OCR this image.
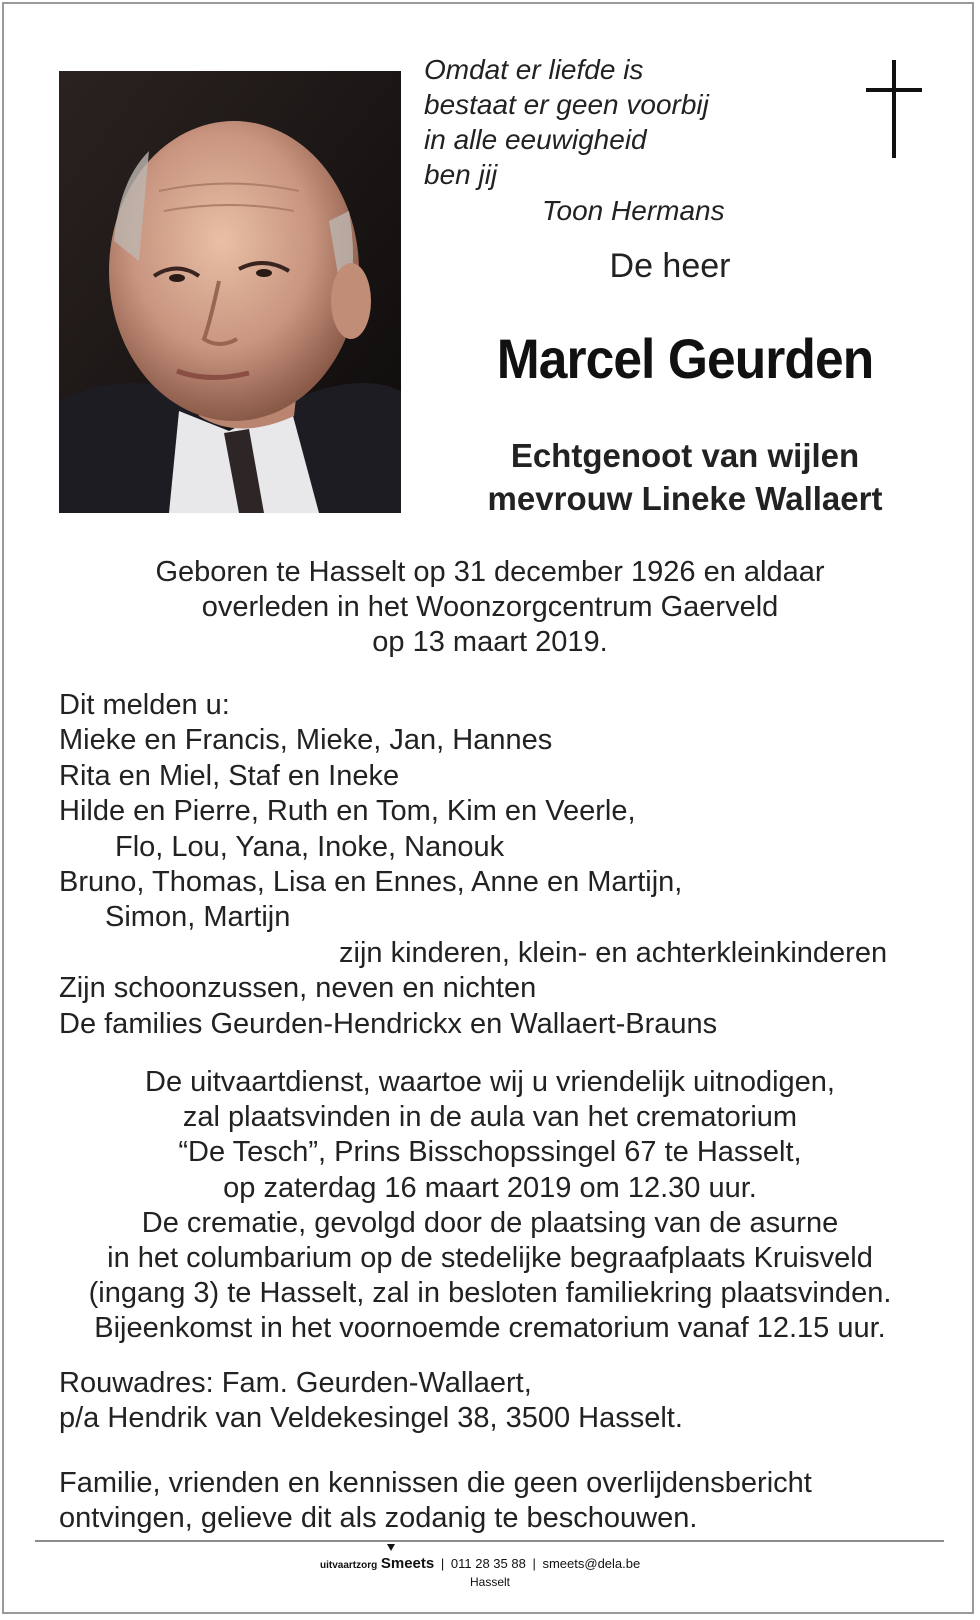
Omdat er liefde is
bestaat er geen voorbij
in alle eeuwigheid
ben jij
Toon Hermans
De heer
Marcel Geurden
Echtgenoot van wijlen
mevrouw Lineke Wallaert
Geboren te Hasselt op 31 december 1926 en aldaar
overleden in het Woonzorgcentrum Gaerveld
op 13 maart 2019.
Dit melden u:
Mieke en Francis, Mieke, Jan, Hannes
Rita en Miel, Staf en Ineke
Hilde en Pierre, Ruth en Tom, Kim en Veerle,
Flo, Lou, Yana, Inoke, Nanouk
Bruno, Thomas, Lisa en Ennes, Anne en Martijn,
Simon, Martijn
zijn kinderen, klein- en achterkleinkinderen
Zijn schoonzussen, neven en nichten
De families Geurden-Hendrickx en Wallaert-Brauns
De uitvaartdienst, waartoe wij u vriendelijk uitnodigen,
zal plaatsvinden in de aula van het crematorium
“De Tesch”, Prins Bisschopssingel 67 te Hasselt,
op zaterdag 16 maart 2019 om 12.30 uur.
De crematie, gevolgd door de plaatsing van de asurne
in het columbarium op de stedelijke begraafplaats Kruisveld
(ingang 3) te Hasselt, zal in besloten familiekring plaatsvinden.
Bijeenkomst in het voornoemde crematorium vanaf 12.15 uur.
Rouwadres: Fam. Geurden-Wallaert,
p/a Hendrik van Veldekesingel 38, 3500 Hasselt.
Familie, vrienden en kennissen die geen overlijdensbericht
ontvingen, gelieve dit als zodanig te beschouwen.
uitvaartzorg Smeets | 011 28 35 88 | smeets@dela.be
Hasselt
